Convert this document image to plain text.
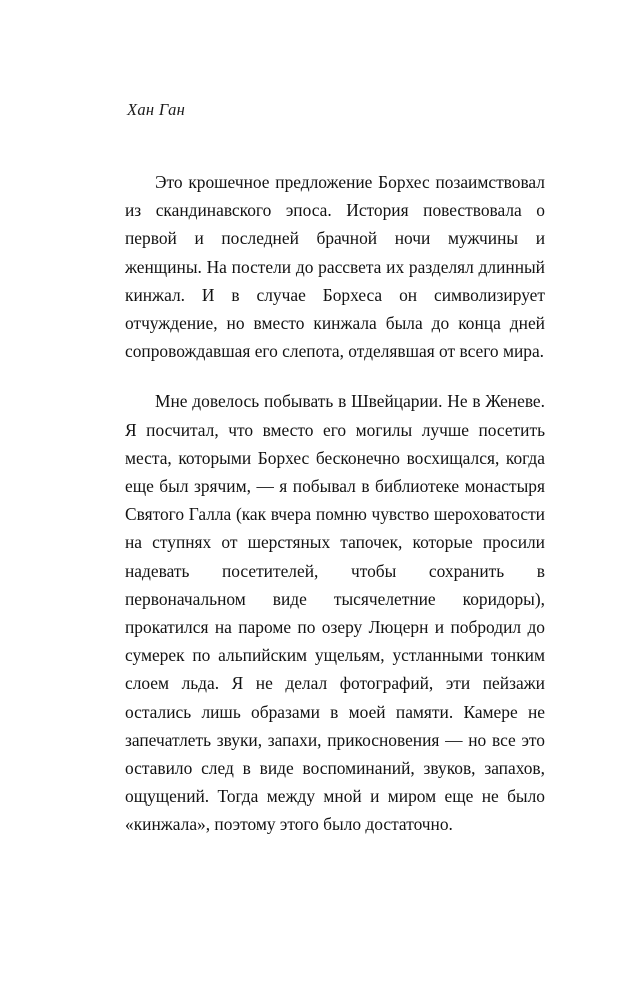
Хан Ган

Это крошечное предложение Борхес позаимствовал из скандинавского эпоса. История повествовала о первой и последней брачной ночи мужчины и женщины. На постели до рассвета их разделял длинный кинжал. И в случае Борхеса он символизирует отчуждение, но вместо кинжала была до конца дней сопровождавшая его слепота, отделявшая от всего мира.

Мне довелось побывать в Швейцарии. Не в Женеве. Я посчитал, что вместо его могилы лучше посетить места, которыми Борхес бесконечно восхищался, когда еще был зрячим, — я побывал в библиотеке монастыря Святого Галла (как вчера помню чувство шероховатости на ступнях от шерстяных тапочек, которые просили надевать посетителей, чтобы сохранить в первоначальном виде тысячелетние коридоры), прокатился на пароме по озеру Люцерн и побродил до сумерек по альпийским ущельям, устланными тонким слоем льда. Я не делал фотографий, эти пейзажи остались лишь образами в моей памяти. Камере не запечатлеть звуки, запахи, прикосновения — но все это оставило след в виде воспоминаний, звуков, запахов, ощущений. Тогда между мной и миром еще не было «кинжала», поэтому этого было достаточно.
